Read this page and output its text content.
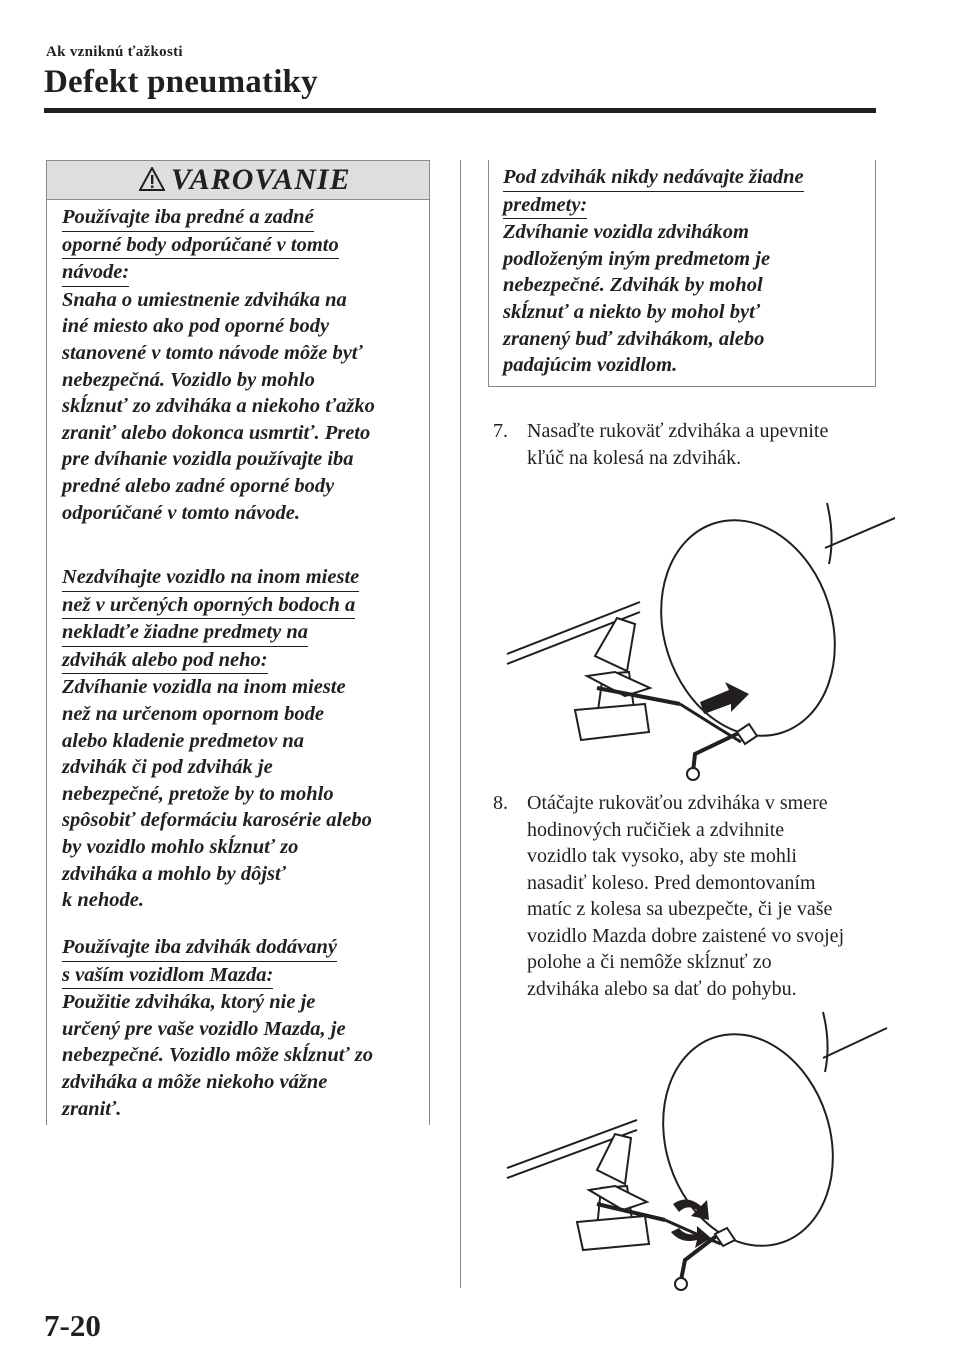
Ak vzniknú ťažkosti
Defekt pneumatiky
VAROVANIE
Používajte iba predné a zadné
oporné body odporúčané v tomto
návode:
Snaha o umiestnenie zdviháka na
iné miesto ako pod oporné body
stanovené v tomto návode môže byť
nebezpečná. Vozidlo by mohlo
skĺznuť zo zdviháka a niekoho ťažko
zraniť alebo dokonca usmrtiť. Preto
pre dvíhanie vozidla používajte iba
predné alebo zadné oporné body
odporúčané v tomto návode.
Nezdvíhajte vozidlo na inom mieste
než v určených oporných bodoch a
nekladťe žiadne predmety na
zdvihák alebo pod neho:
Zdvíhanie vozidla na inom mieste
než na určenom opornom bode
alebo kladenie predmetov na
zdvihák či pod zdvihák je
nebezpečné, pretože by to mohlo
spôsobiť deformáciu karosérie alebo
by vozidlo mohlo skĺznuť zo
zdviháka a mohlo by dôjsť
k nehode.
Používajte iba zdvihák dodávaný
s vaším vozidlom Mazda:
Použitie zdviháka, ktorý nie je
určený pre vaše vozidlo Mazda, je
nebezpečné. Vozidlo môže skĺznuť zo
zdviháka a môže niekoho vážne
zraniť.
Pod zdvihák nikdy nedávajte žiadne
predmety:
Zdvíhanie vozidla zdvihákom
podloženým iným predmetom je
nebezpečné. Zdvihák by mohol
skĺznuť a niekto by mohol byť
zranený buď zdvihákom, alebo
padajúcim vozidlom.
7. Nasaďte rukoväť zdviháka a upevnite
kľúč na kolesá na zdvihák.
8. Otáčajte rukoväťou zdviháka v smere
hodinových ručičiek a zdvihnite
vozidlo tak vysoko, aby ste mohli
nasadiť koleso. Pred demontovaním
matíc z kolesa sa ubezpečte, či je vaše
vozidlo Mazda dobre zaistené vo svojej
polohe a či nemôže skĺznuť zo
zdviháka alebo sa dať do pohybu.
7-20
